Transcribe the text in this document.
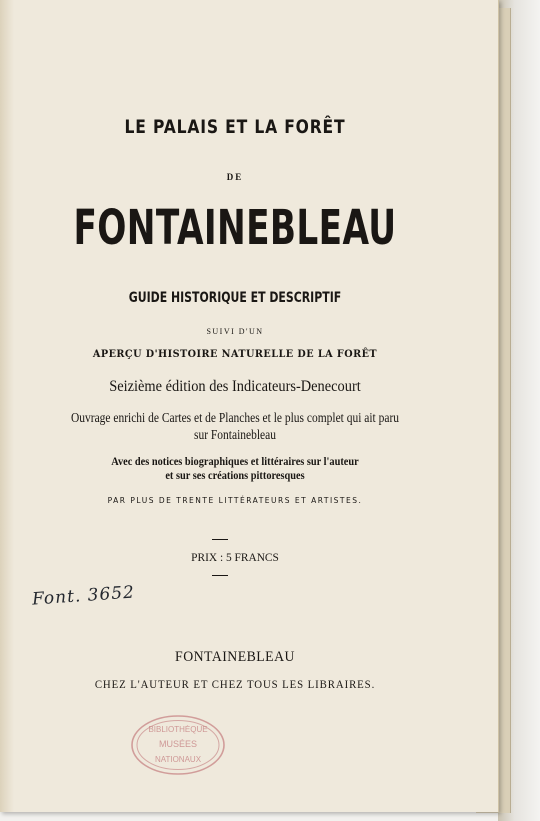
LE PALAIS ET LA FORÊT
DE
FONTAINEBLEAU
GUIDE HISTORIQUE ET DESCRIPTIF
SUIVI D'UN
APERÇU D'HISTOIRE NATURELLE DE LA FORÊT
Seizième édition des Indicateurs-Denecourt
Ouvrage enrichi de Cartes et de Planches et le plus complet qui ait paru
sur Fontainebleau
Avec des notices biographiques et littéraires sur l'auteur
et sur ses créations pittoresques
PAR PLUS DE TRENTE LITTÉRATEURS ET ARTISTES.
PRIX : 5 FRANCS
Font. 3652
FONTAINEBLEAU
CHEZ L'AUTEUR ET CHEZ TOUS LES LIBRAIRES.
BIBLIOTHÈQUE
MUSÉES
NATIONAUX
